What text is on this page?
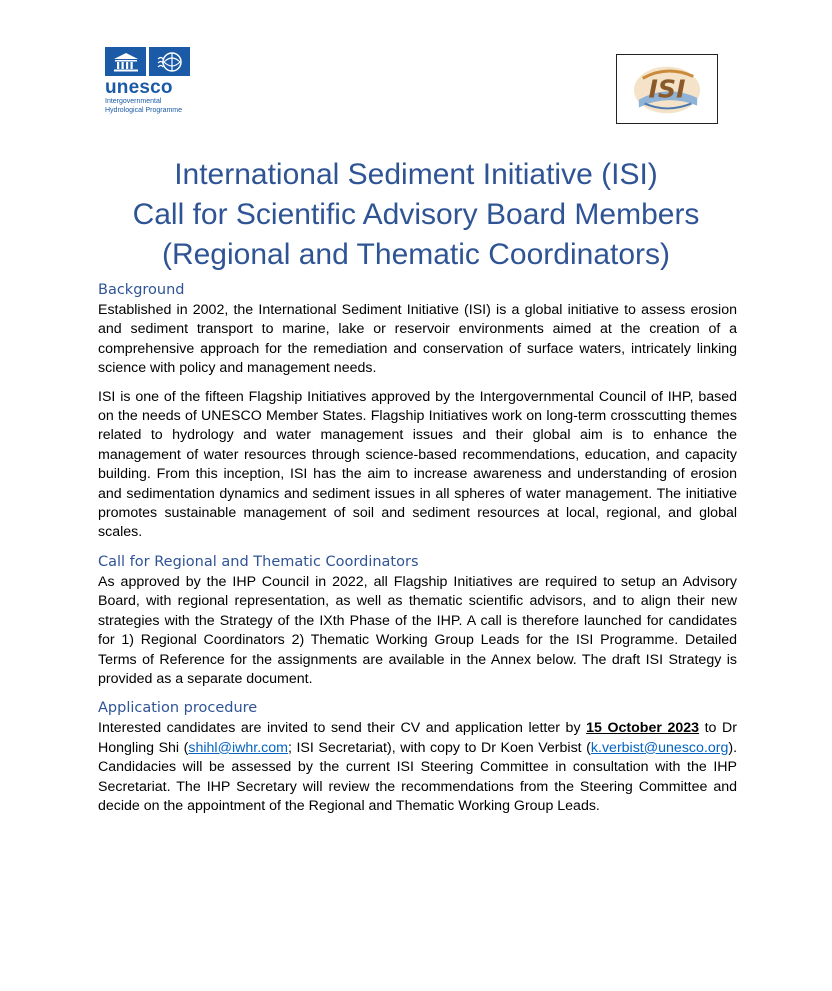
unesco
Intergovernmental
Hydrological Programme
ISI
International Sediment Initiative (ISI)
Call for Scientific Advisory Board Members
(Regional and Thematic Coordinators)
Background

Established in 2002, the International Sediment Initiative (ISI) is a global initiative to assess erosion and sediment transport to marine, lake or reservoir environments aimed at the creation of a comprehensive approach for the remediation and conservation of surface waters, intricately linking science with policy and management needs.

ISI is one of the fifteen Flagship Initiatives approved by the Intergovernmental Council of IHP, based on the needs of UNESCO Member States. Flagship Initiatives work on long-term crosscutting themes related to hydrology and water management issues and their global aim is to enhance the management of water resources through science-based recommendations, education, and capacity building. From this inception, ISI has the aim to increase awareness and understanding of erosion and sedimentation dynamics and sediment issues in all spheres of water management. The initiative promotes sustainable management of soil and sediment resources at local, regional, and global scales.

Call for Regional and Thematic Coordinators

As approved by the IHP Council in 2022, all Flagship Initiatives are required to setup an Advisory Board, with regional representation, as well as thematic scientific advisors, and to align their new strategies with the Strategy of the IXth Phase of the IHP. A call is therefore launched for candidates for 1) Regional Coordinators 2) Thematic Working Group Leads for the ISI Programme. Detailed Terms of Reference for the assignments are available in the Annex below. The draft ISI Strategy is provided as a separate document.

Application procedure

Interested candidates are invited to send their CV and application letter by 15 October 2023 to Dr Hongling Shi (shihl@iwhr.com; ISI Secretariat), with copy to Dr Koen Verbist (k.verbist@unesco.org). Candidacies will be assessed by the current ISI Steering Committee in consultation with the IHP Secretariat. The IHP Secretary will review the recommendations from the Steering Committee and decide on the appointment of the Regional and Thematic Working Group Leads.
